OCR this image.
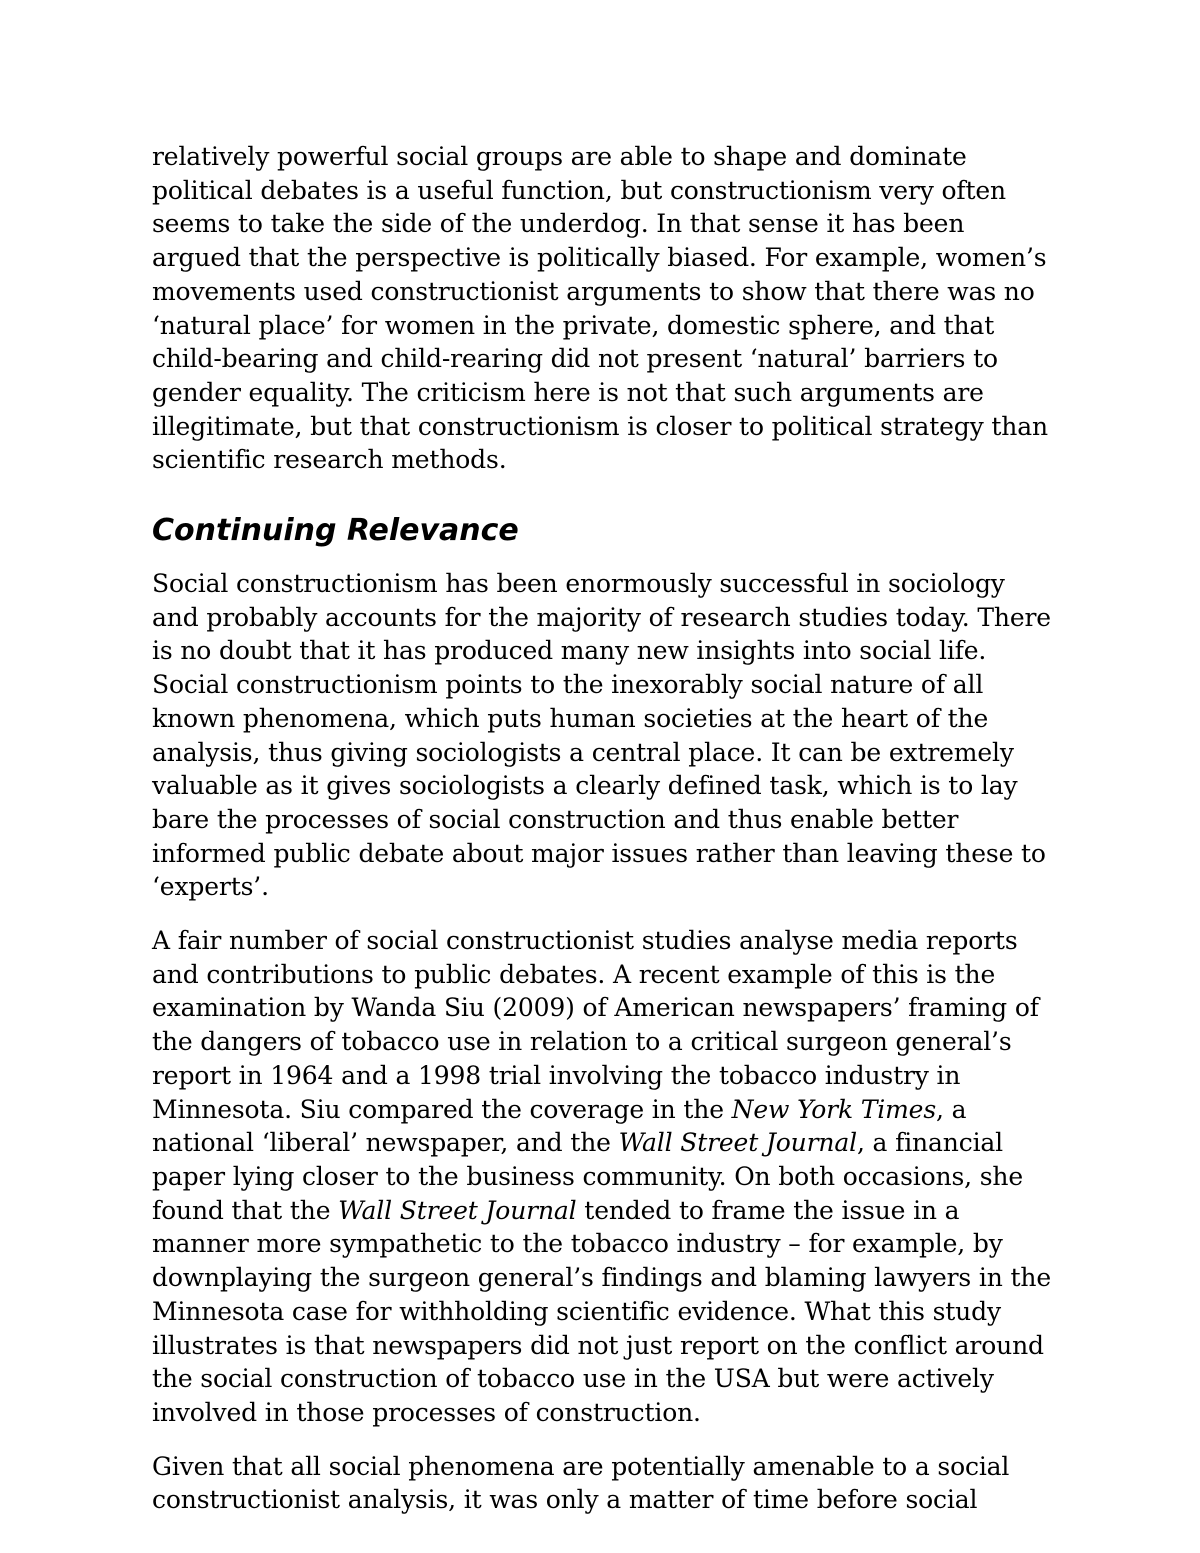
relatively powerful social groups are able to shape and dominate political debates is a useful function, but constructionism very often seems to take the side of the underdog. In that sense it has been argued that the perspective is politically biased. For example, women’s movements used constructionist arguments to show that there was no ‘natural place’ for women in the private, domestic sphere, and that child-bearing and child-rearing did not present ‘natural’ barriers to gender equality. The criticism here is not that such arguments are illegitimate, but that constructionism is closer to political strategy than scientific research methods.

Continuing Relevance

Social constructionism has been enormously successful in sociology and probably accounts for the majority of research studies today. There is no doubt that it has produced many new insights into social life. Social constructionism points to the inexorably social nature of all known phenomena, which puts human societies at the heart of the analysis, thus giving sociologists a central place. It can be extremely valuable as it gives sociologists a clearly defined task, which is to lay bare the processes of social construction and thus enable better informed public debate about major issues rather than leaving these to ‘experts’.

A fair number of social constructionist studies analyse media reports and contributions to public debates. A recent example of this is the examination by Wanda Siu (2009) of American newspapers’ framing of the dangers of tobacco use in relation to a critical surgeon general’s report in 1964 and a 1998 trial involving the tobacco industry in Minnesota. Siu compared the coverage in the New York Times, a national ‘liberal’ newspaper, and the Wall Street Journal, a financial paper lying closer to the business community. On both occasions, she found that the Wall Street Journal tended to frame the issue in a manner more sympathetic to the tobacco industry – for example, by downplaying the surgeon general’s findings and blaming lawyers in the Minnesota case for withholding scientific evidence. What this study illustrates is that newspapers did not just report on the conflict around the social construction of tobacco use in the USA but were actively involved in those processes of construction.

Given that all social phenomena are potentially amenable to a social constructionist analysis, it was only a matter of time before social
